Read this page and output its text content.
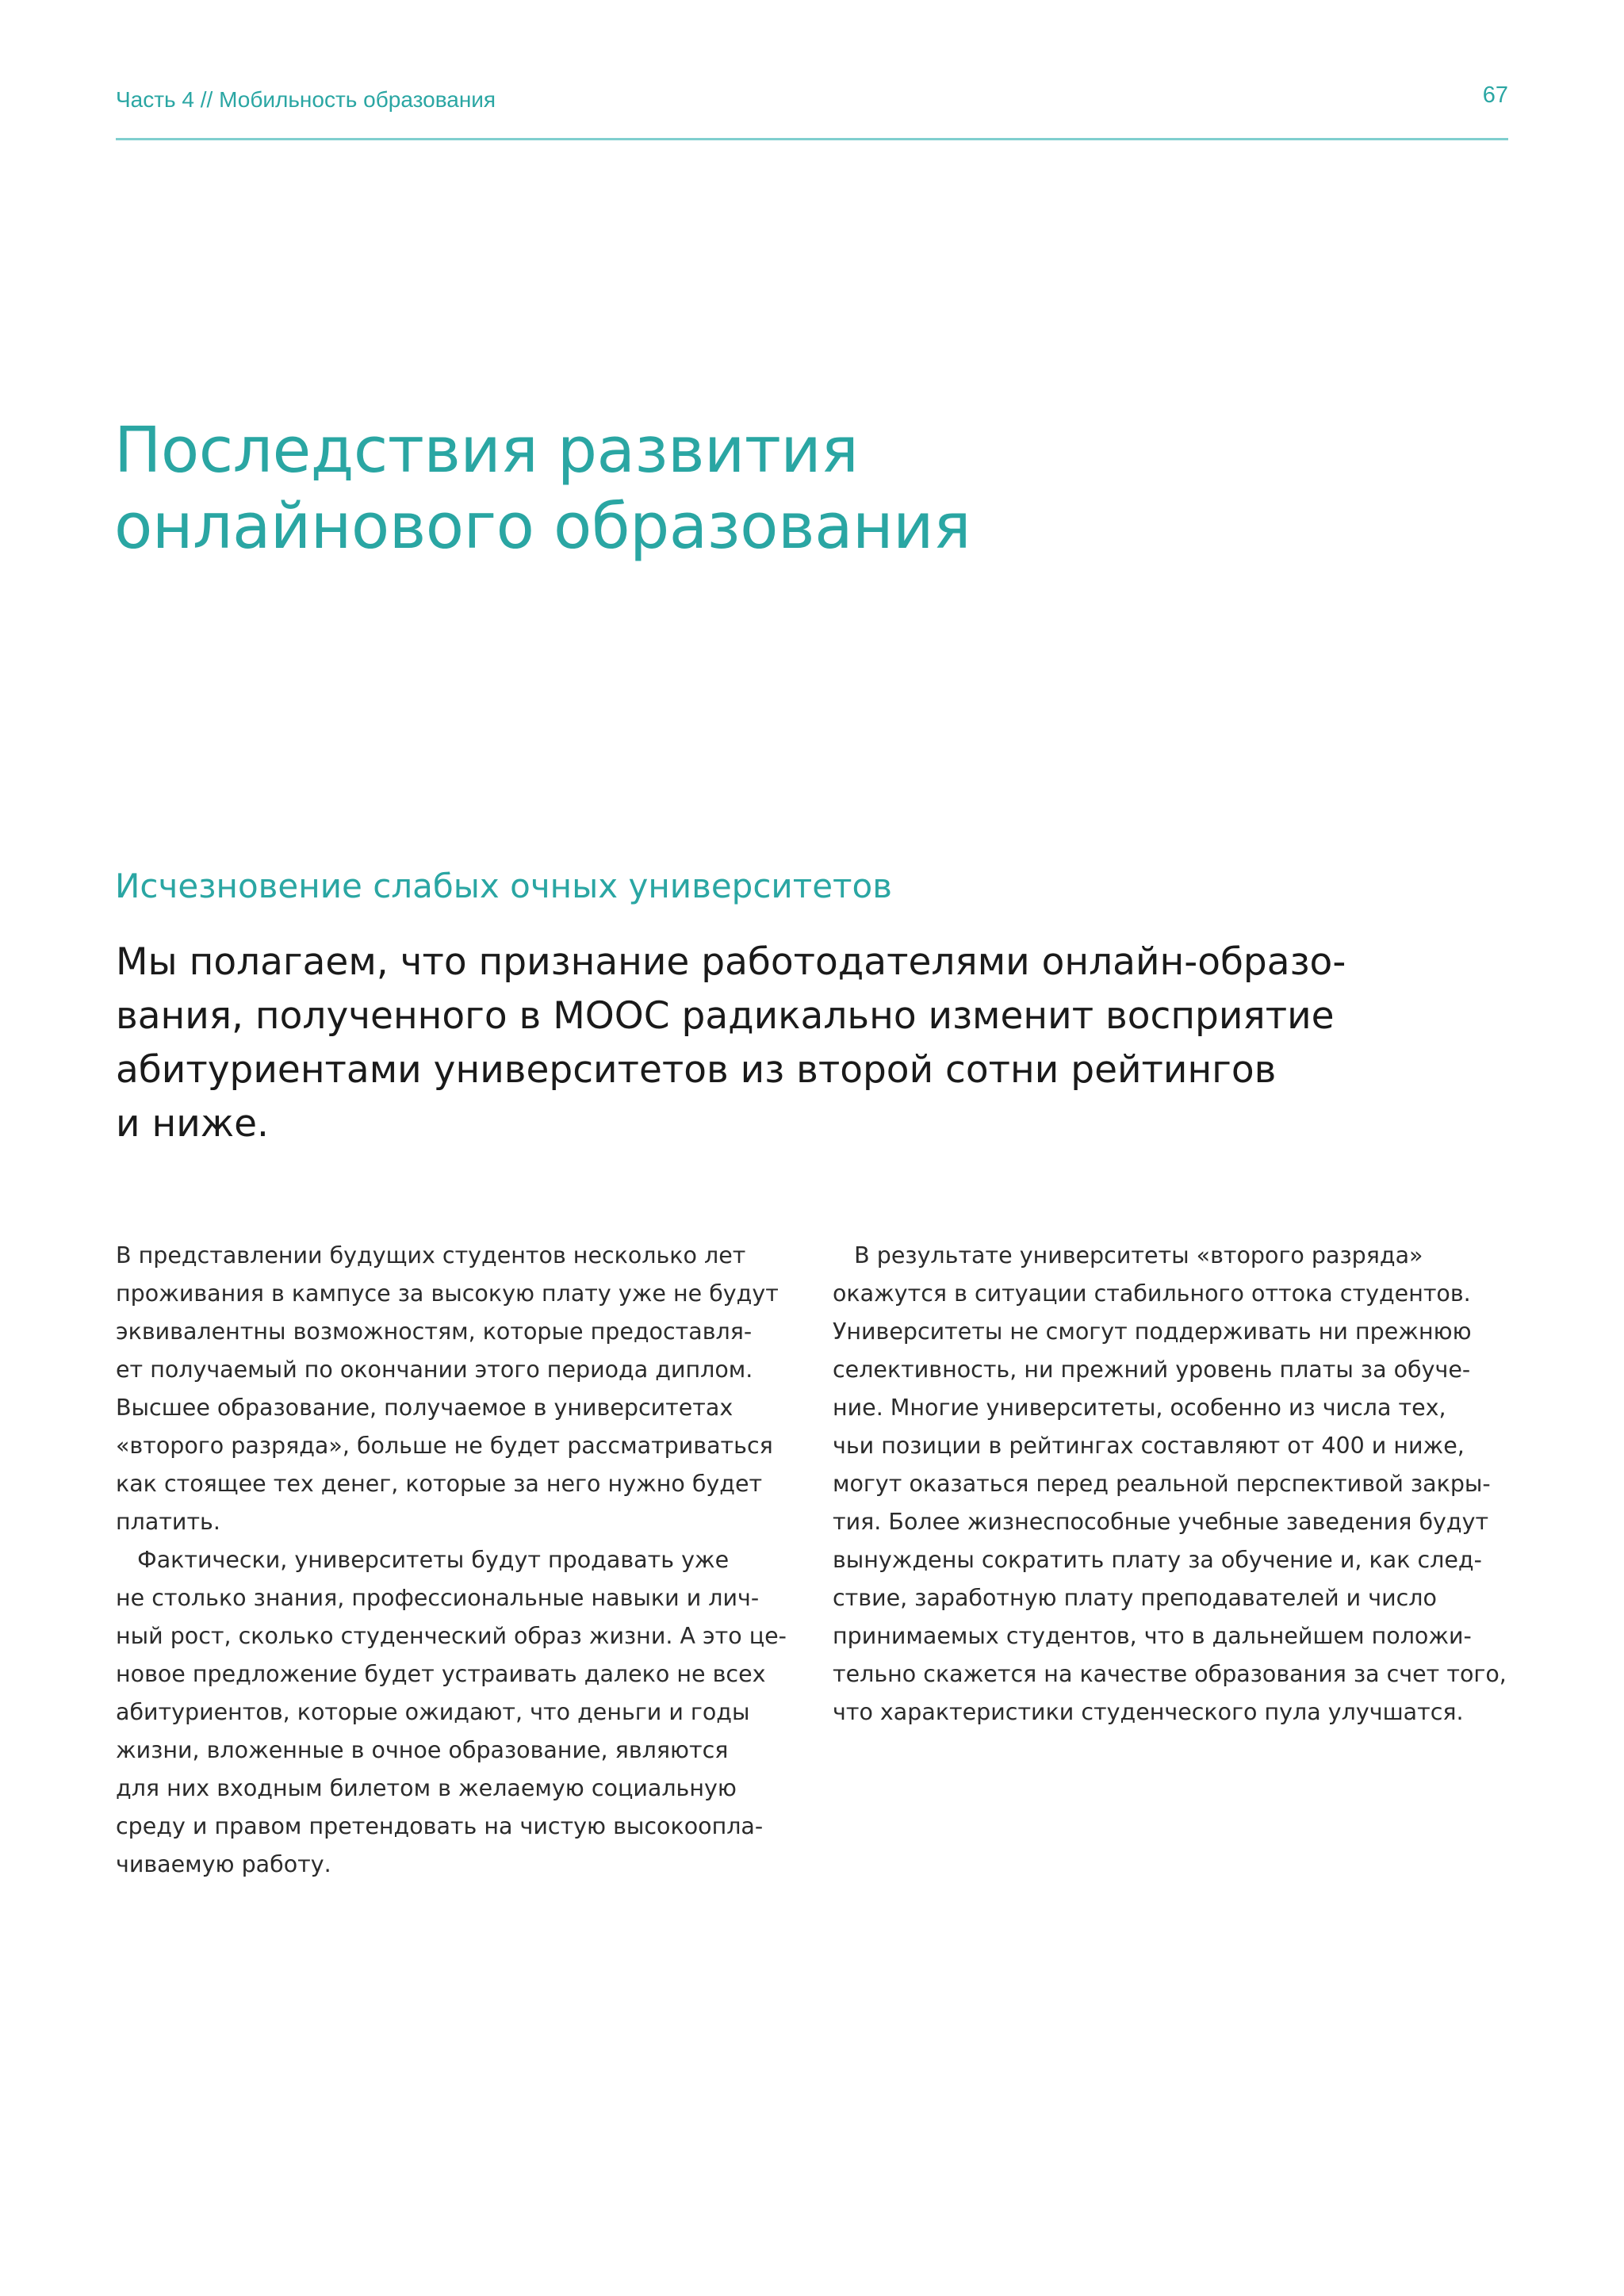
Часть 4 // Мобильность образования	67
Последствия развития
онлайнового образования
Исчезновение слабых очных университетов

Мы полагаем, что признание работодателями онлайн-образо-
вания, полученного в МООС радикально изменит восприятие
абитуриентами университетов из второй сотни рейтингов
и ниже.

В представлении будущих студентов несколько лет
проживания в кампусе за высокую плату уже не будут
эквивалентны возможностям, которые предоставля-
ет получаемый по окончании этого периода диплом.
Высшее образование, получаемое в университетах
«второго разряда», больше не будет рассматриваться
как стоящее тех денег, которые за него нужно будет
платить.
Фактически, университеты будут продавать уже
не столько знания, профессиональные навыки и лич-
ный рост, сколько студенческий образ жизни. А это це-
новое предложение будет устраивать далеко не всех
абитуриентов, которые ожидают, что деньги и годы
жизни, вложенные в очное образование, являются
для них входным билетом в желаемую социальную
среду и правом претендовать на чистую высокоопла-
чиваемую работу.
В результате университеты «второго разряда»
окажутся в ситуации стабильного оттока студентов.
Университеты не смогут поддерживать ни прежнюю
селективность, ни прежний уровень платы за обуче-
ние. Многие университеты, особенно из числа тех,
чьи позиции в рейтингах составляют от 400 и ниже,
могут оказаться перед реальной перспективой закры-
тия. Более жизнеспособные учебные заведения будут
вынуждены сократить плату за обучение и, как след-
ствие, заработную плату преподавателей и число
принимаемых студентов, что в дальнейшем положи-
тельно скажется на качестве образования за счет того,
что характеристики студенческого пула улучшатся.
